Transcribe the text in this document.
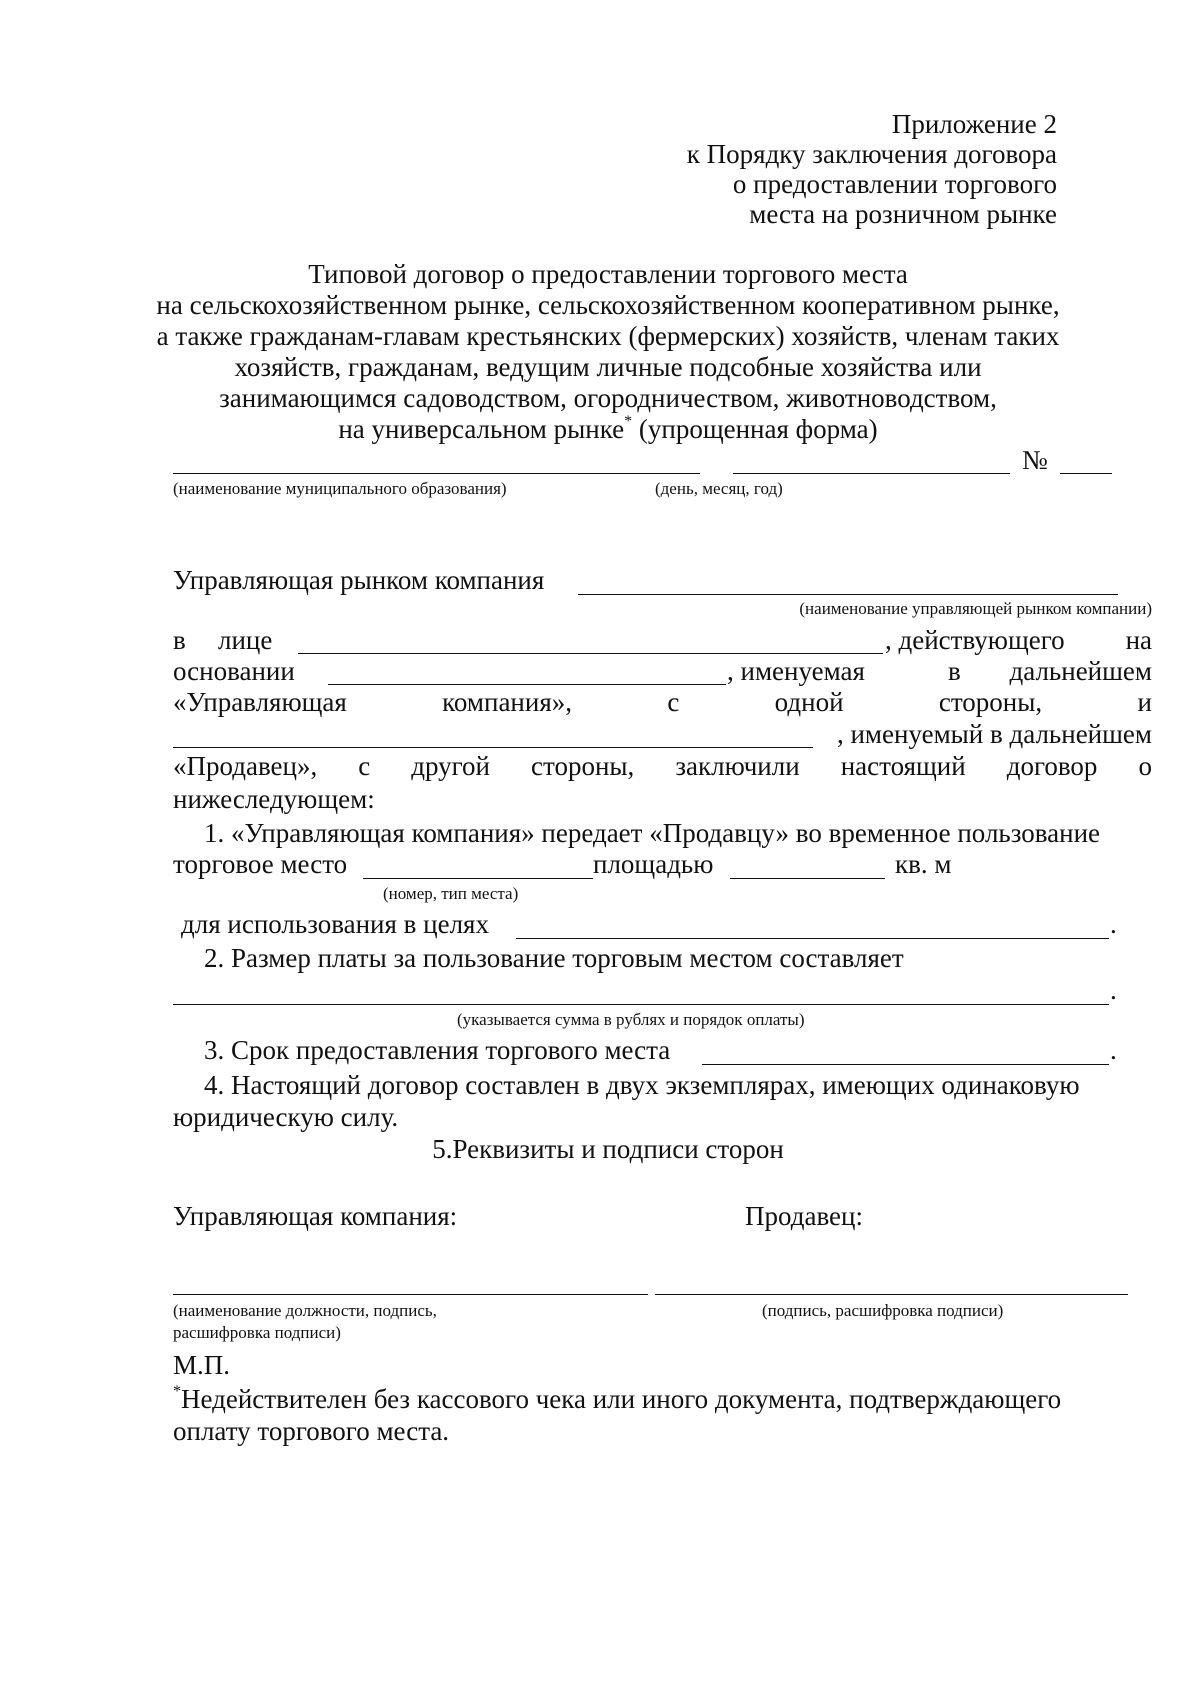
Приложение 2
к Порядку заключения договора
о предоставлении торгового
места на розничном рынке
Типовой договор о предоставлении торгового места
на сельскохозяйственном рынке, сельскохозяйственном кооперативном рынке,
а также гражданам-главам крестьянских (фермерских) хозяйств, членам таких
хозяйств, гражданам, ведущим личные подсобные хозяйства или
занимающимся садоводством, огородничеством, животноводством,
на универсальном рынке* (упрощенная форма)
№
(наименование муниципального образования)	(день, месяц, год)
Управляющая рынком компания
(наименование управляющей рынком компании)
в лице	, действующего на
основании	, именуемая	в дальнейшем
«Управляющая	компания»,	с	одной	стороны,	и
, именуемый в дальнейшем
«Продавец», с другой стороны, заключили настоящий договор о
нижеследующем:
1. «Управляющая компания» передает «Продавцу» во временное пользование
торговое место	площадью	кв. м
(номер, тип места)
для использования в целях	.
2. Размер платы за пользование торговым местом составляет
.
(указывается сумма в рублях и порядок оплаты)
3. Срок предоставления торгового места	.
4. Настоящий договор составлен в двух экземплярах, имеющих одинаковую
юридическую силу.
5.Реквизиты и подписи сторон
Управляющая компания:	Продавец:
(наименование должности, подпись,
расшифровка подписи)
(подпись, расшифровка подписи)
М.П.
*Недействителен без кассового чека или иного документа, подтверждающего
оплату торгового места.
